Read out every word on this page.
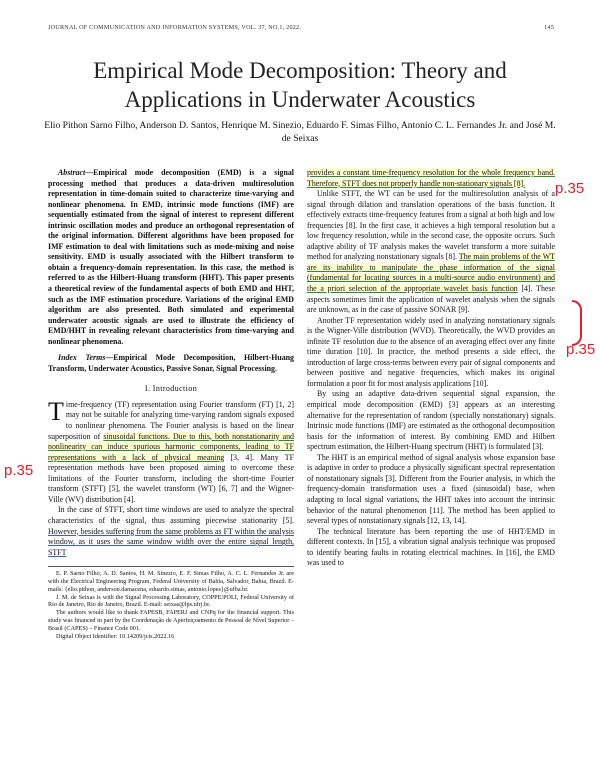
JOURNAL OF COMMUNICATION AND INFORMATION SYSTEMS, VOL. 37, NO.1, 2022.	145
Empirical Mode Decomposition: Theory and Applications in Underwater Acoustics
Elio Pithon Sarno Filho, Anderson D. Santos, Henrique M. Sinezio, Eduardo F. Simas Filho, Antonio C. L. Fernandes Jr. and José M. de Seixas

Abstract—Empirical mode decomposition (EMD) is a signal processing method that produces a data-driven multiresolution representation in time-domain suited to characterize time-varying and nonlinear phenomena. In EMD, intrinsic mode functions (IMF) are sequentially estimated from the signal of interest to represent different intrinsic oscillation modes and produce an orthogonal representation of the original information. Different algorithms have been proposed for IMF estimation to deal with limitations such as mode-mixing and noise sensitivity. EMD is usually associated with the Hilbert transform to obtain a frequency-domain representation. In this case, the method is referred to as the Hilbert-Huang transform (HHT). This paper presents a theoretical review of the fundamental aspects of both EMD and HHT, such as the IMF estimation procedure. Variations of the original EMD algorithm are also presented. Both simulated and experimental underwater acoustic signals are used to illustrate the efficiency of EMD/HHT in revealing relevant characteristics from time-varying and nonlinear phenomena.

Index Terms—Empirical Mode Decomposition, Hilbert-Huang Transform, Underwater Acoustics, Passive Sonar, Signal Processing.

I. Introduction

Time-frequency (TF) representation using Fourier transform (FT) [1, 2] may not be suitable for analyzing time-varying random signals exposed to nonlinear phenomena. The Fourier analysis is based on the linear superposition of sinusoidal functions. Due to this, both nonstationarity and nonlinearity can induce spurious harmonic components, leading to TF representations with a lack of physical meaning [3, 4]. Many TF representation methods have been proposed aiming to overcome these limitations of the Fourier transform, including the short-time Fourier transform (STFT) [5], the wavelet transform (WT) [6, 7] and the Wigner-Ville (WV) distribution [4].

In the case of STFT, short time windows are used to analyze the spectral characteristics of the signal, thus assuming piecewise stationarity [5]. However, besides suffering from the same problems as FT within the analysis window, as it uses the same window width over the entire signal length, STFT

E. P. Sarno Filho, A. D. Santos, H. M. Sinezio, E. F. Simas Filho, A. C. L. Fernandes Jr. are with the Electrical Engineering Program, Federal University of Bahia, Salvador, Bahia, Brazil. E-mails: {elio.pithon, anderson.damacena, eduardo.simas, antonio.lopes}@ufba.br.

J. M. de Seixas is with the Signal Processing Laboratory, COPPE/POLI, Federal University of Rio de Janeiro, Rio de Janeiro, Brazil. E-mail: seixas@lps.ufrj.br.

The authors would like to thank FAPESB, FAPERJ and CNPq for the financial support. This study was financed in part by the Coordenação de Aperfeiçoamento de Pessoal de Nível Superior – Brasil (CAPES) – Finance Code 001.

Digital Object Identifier: 10.14209/jcis.2022.16

provides a constant time-frequency resolution for the whole frequency band. Therefore, STFT does not properly handle non-stationary signals [8].

Unlike STFT, the WT can be used for the multiresolution analysis of a signal through dilation and translation operations of the basis function. It effectively extracts time-frequency features from a signal at both high and low frequencies [8]. In the first case, it achieves a high temporal resolution but a low frequency resolution, while in the second case, the opposite occurs. Such adaptive ability of TF analysis makes the wavelet transform a more suitable method for analyzing nonstationary signals [8]. The main problems of the WT are its inability to manipulate the phase information of the signal (fundamental for locating sources in a multi-source audio environment) and the a priori selection of the appropriate wavelet basis function [4]. These aspects sometimes limit the application of wavelet analysis when the signals are unknown, as in the case of passive SONAR [9].

Another TF representation widely used in analyzing nonstationary signals is the Wigner-Ville distribution (WVD). Theoretically, the WVD provides an infinite TF resolution due to the absence of an averaging effect over any finite time duration [10]. In practice, the method presents a side effect, the introduction of large cross-terms between every pair of signal components and between positive and negative frequencies, which makes its original formulation a poor fit for most analysis applications [10].

By using an adaptive data-driven sequential signal expansion, the empirical mode decomposition (EMD) [3] appears as an interesting alternative for the representation of random (specially nonstationary) signals. Intrinsic mode functions (IMF) are estimated as the orthogonal decomposition basis for the information of interest. By combining EMD and Hilbert spectrum estimation, the Hilbert-Huang spectrum (HHT) is formulated [3].

The HHT is an empirical method of signal analysis whose expansion base is adaptive in order to produce a physically significant spectral representation of nonstationary signals [3]. Different from the Fourier analysis, in which the frequency-domain transformation uses a fixed (sinusoidal) base, when adapting to local signal variations, the HHT takes into account the intrinsic behavior of the natural phenomenon [11]. The method has been applied to several types of nonstationary signals [12, 13, 14].

The technical literature has been reporting the use of HHT/EMD in different contexts. In [15], a vibration signal analysis technique was proposed to identify bearing faults in rotating electrical machines. In [16], the EMD was used to

p.35
p.35
p.35
